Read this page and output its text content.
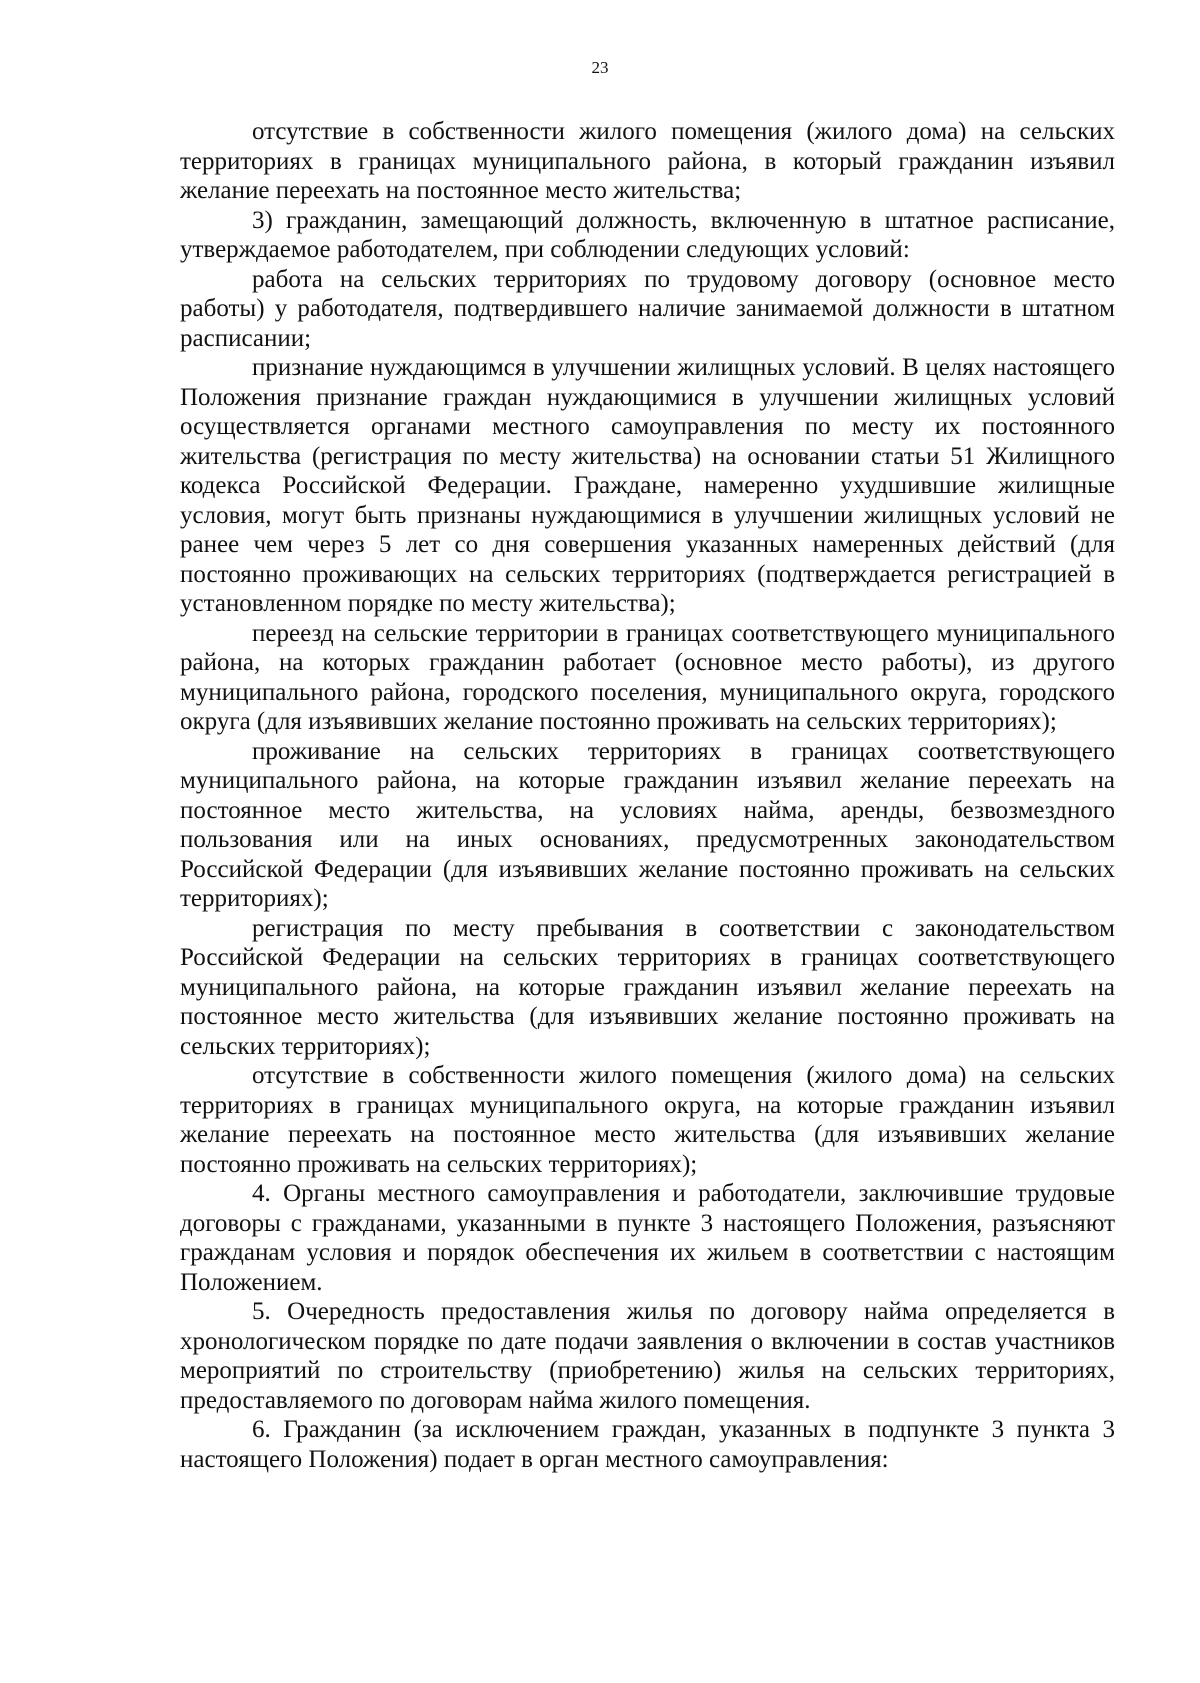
23

отсутствие в собственности жилого помещения (жилого дома) на сельских территориях в границах муниципального района, в который гражданин изъявил желание переехать на постоянное место жительства;

3) гражданин, замещающий должность, включенную в штатное расписание, утверждаемое работодателем, при соблюдении следующих условий:

работа на сельских территориях по трудовому договору (основное место работы) у работодателя, подтвердившего наличие занимаемой должности в штатном расписании;

признание нуждающимся в улучшении жилищных условий. В целях настоящего Положения признание граждан нуждающимися в улучшении жилищных условий осуществляется органами местного самоуправления по месту их постоянного жительства (регистрация по месту жительства) на основании статьи 51 Жилищного кодекса Российской Федерации. Граждане, намеренно ухудшившие жилищные условия, могут быть признаны нуждающимися в улучшении жилищных условий не ранее чем через 5 лет со дня совершения указанных намеренных действий (для постоянно проживающих на сельских территориях (подтверждается регистрацией в установленном порядке по месту жительства);

переезд на сельские территории в границах соответствующего муниципального района, на которых гражданин работает (основное место работы), из другого муниципального района, городского поселения, муниципального округа, городского округа (для изъявивших желание постоянно проживать на сельских территориях);

проживание на сельских территориях в границах соответствующего муниципального района, на которые гражданин изъявил желание переехать на постоянное место жительства, на условиях найма, аренды, безвозмездного пользования или на иных основаниях, предусмотренных законодательством Российской Федерации (для изъявивших желание постоянно проживать на сельских территориях);

регистрация по месту пребывания в соответствии с законодательством Российской Федерации на сельских территориях в границах соответствующего муниципального района, на которые гражданин изъявил желание переехать на постоянное место жительства (для изъявивших желание постоянно проживать на сельских территориях);

отсутствие в собственности жилого помещения (жилого дома) на сельских территориях в границах муниципального округа, на которые гражданин изъявил желание переехать на постоянное место жительства (для изъявивших желание постоянно проживать на сельских территориях);

4. Органы местного самоуправления и работодатели, заключившие трудовые договоры с гражданами, указанными в пункте 3 настоящего Положения, разъясняют гражданам условия и порядок обеспечения их жильем в соответствии с настоящим Положением.

5. Очередность предоставления жилья по договору найма определяется в хронологическом порядке по дате подачи заявления о включении в состав участников мероприятий по строительству (приобретению) жилья на сельских территориях, предоставляемого по договорам найма жилого помещения.

6. Гражданин (за исключением граждан, указанных в подпункте 3 пункта 3 настоящего Положения) подает в орган местного самоуправления:
